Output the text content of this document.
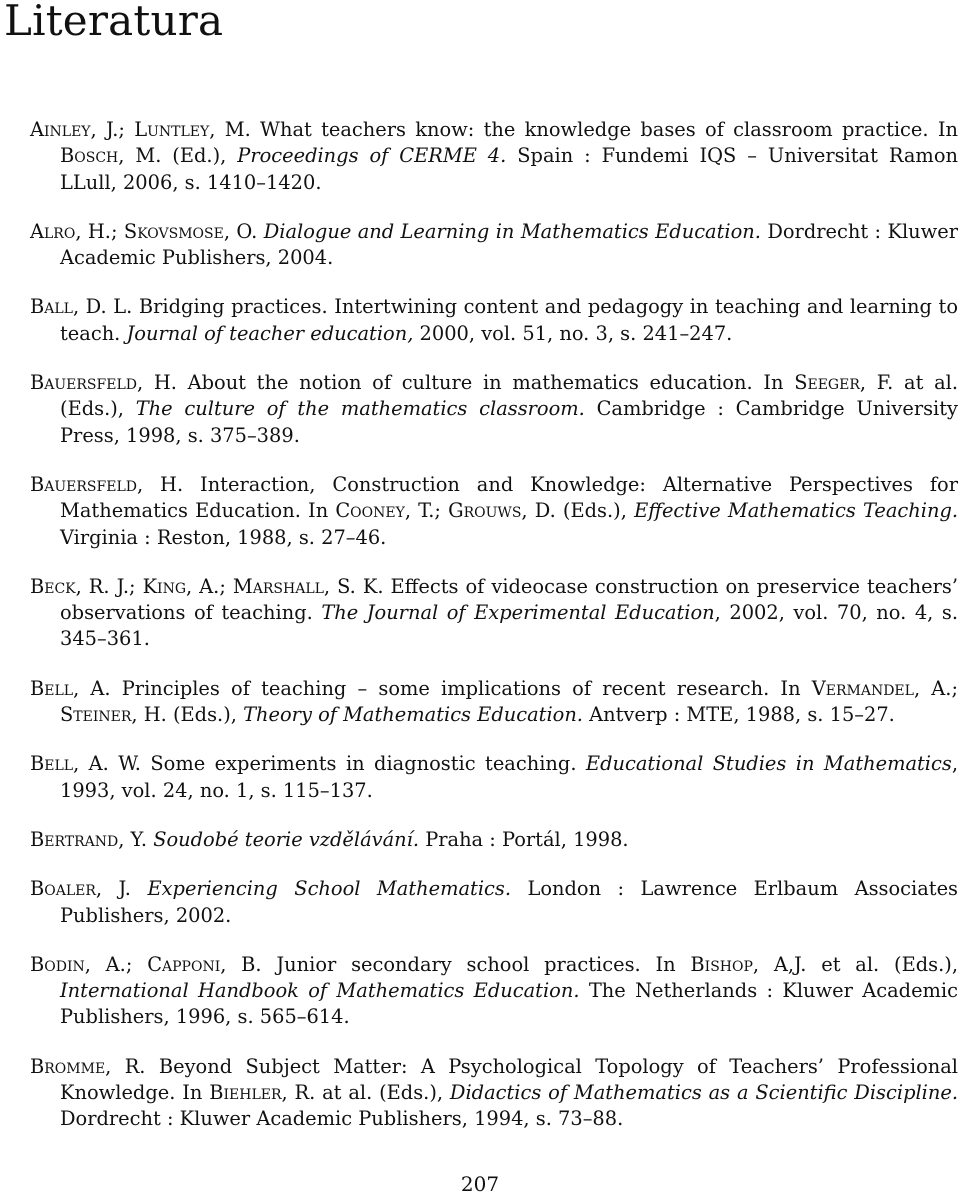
Literatura

Ainley, J.; Luntley, M. What teachers know: the knowledge bases of classroom practice. In Bosch, M. (Ed.), Proceedings of CERME 4. Spain : Fundemi IQS – Universitat Ramon LLull, 2006, s. 1410–1420.

Alro, H.; Skovsmose, O. Dialogue and Learning in Mathematics Education. Dordrecht : Kluwer Academic Publishers, 2004.

Ball, D. L. Bridging practices. Intertwining content and pedagogy in teaching and learning to teach. Journal of teacher education, 2000, vol. 51, no. 3, s. 241–247.

Bauersfeld, H. About the notion of culture in mathematics education. In Seeger, F. at al. (Eds.), The culture of the mathematics classroom. Cambridge : Cambridge University Press, 1998, s. 375–389.

Bauersfeld, H. Interaction, Construction and Knowledge: Alternative Perspectives for Mathematics Education. In Cooney, T.; Grouws, D. (Eds.), Effective Mathematics Teaching. Virginia : Reston, 1988, s. 27–46.

Beck, R. J.; King, A.; Marshall, S. K. Effects of videocase construction on preservice teachers’ observations of teaching. The Journal of Experimental Education, 2002, vol. 70, no. 4, s. 345–361.

Bell, A. Principles of teaching – some implications of recent research. In Vermandel, A.; Steiner, H. (Eds.), Theory of Mathematics Education. Antverp : MTE, 1988, s. 15–27.

Bell, A. W. Some experiments in diagnostic teaching. Educational Studies in Mathematics, 1993, vol. 24, no. 1, s. 115–137.

Bertrand, Y. Soudobé teorie vzdělávání. Praha : Portál, 1998.

Boaler, J. Experiencing School Mathematics. London : Lawrence Erlbaum Associates Publishers, 2002.

Bodin, A.; Capponi, B. Junior secondary school practices. In Bishop, A,J. et al. (Eds.), International Handbook of Mathematics Education. The Netherlands : Kluwer Academic Publishers, 1996, s. 565–614.

Bromme, R. Beyond Subject Matter: A Psychological Topology of Teachers’ Professional Knowledge. In Biehler, R. at al. (Eds.), Didactics of Mathematics as a Scientific Discipline. Dordrecht : Kluwer Academic Publishers, 1994, s. 73–88.

207
